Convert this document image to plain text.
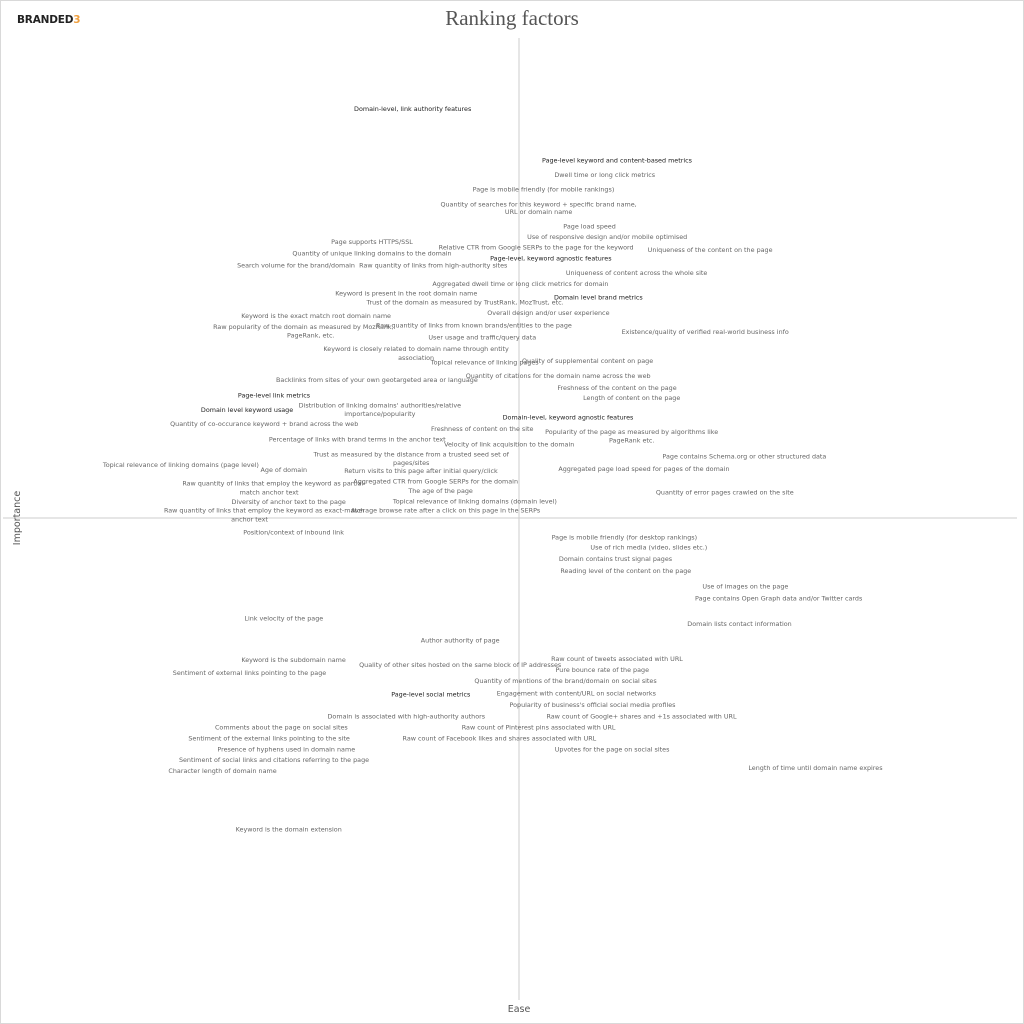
BRANDED3	Ranking factors
Ease
Importance
Domain-level, link authority features
Page-level keyword and content-based metrics
Dwell time or long click metrics
Page is mobile friendly (for mobile rankings)
Quantity of searches for this keyword + specific brand name,
URL or domain name
Page load speed
Use of responsive design and/or mobile optimised
Page supports HTTPS/SSL
Relative CTR from Google SERPs to the page for the keyword Uniqueness of the content on the page
Quantity of unique linking domains to the domain
Page-level, keyword agnostic features
Search volume for the brand/domain Raw quantity of links from high-authority sites
Uniqueness of content across the whole site
Aggregated dwell time or long click metrics for domain
Keyword is present in the root domain name	Domain level brand metrics
Trust of the domain as measured by TrustRank, MozTrust, etc.
Overall design and/or user experience
Keyword is the exact match root domain name
Raw popularity of the domain as measured by MozRank,
Raw quantity of links from known brands/entities to the page
Existence/quality of verified real-world business info
PageRank, etc.	User usage and traffic/query data
Keyword is closely related to domain name through entity
association
Topical relevance of linking pages
Quality of supplemental content on page
Quantity of citations for the domain name across the web
Backlinks from sites of your own geotargeted area or language
Freshness of the content on the page
Page-level link metrics	Length of content on the page
Distribution of linking domains' authorities/relative
Domain level keyword usage	importance/popularity	Domain-level, keyword agnostic features
Quantity of co-occurance keyword + brand across the web
Freshness of content on the site Popularity of the page as measured by algorithms like
Percentage of links with brand terms in the anchor text	PageRank etc.
Velocity of link acquisition to the domain
Trust as measured by the distance from a trusted seed set of	Page contains Schema.org or other structured data
pages/sites
Topical relevance of linking domains (page level)
Age of domain	Return visits to this page after initial query/click	Aggregated page load speed for pages of the domain
Aggregated CTR from Google SERPs for the domain
Raw quantity of links that employ the keyword as partial-
The age of the page
match anchor text	Quantity of error pages crawled on the site
Diversity of anchor text to the page	Topical relevance of linking domains (domain level)
Raw quantity of links that employ the keyword as exact-match
Average browse rate after a click on this page in the SERPs
anchor text
Position/context of inbound link
Page is mobile friendly (for desktop rankings)
Use of rich media (video, slides etc.)
Domain contains trust signal pages
Reading level of the content on the page
Use of images on the page
Page contains Open Graph data and/or Twitter cards
Link velocity of the page
Domain lists contact information
Author authority of page
Keyword is the subdomain name	Raw count of tweets associated with URL
Quality of other sites hosted on the same block of IP addresses
Pure bounce rate of the page
Sentiment of external links pointing to the page
Quantity of mentions of the brand/domain on social sites
Page-level social metrics	Engagement with content/URL on social networks
Popularity of business's official social media profiles
Domain is associated with high-authority authors	Raw count of Google+ shares and +1s associated with URL
Comments about the page on social sites	Raw count of Pinterest pins associated with URL
Sentiment of the external links pointing to the site	Raw count of Facebook likes and shares associated with URL
Presence of hyphens used in domain name	Upvotes for the page on social sites
Sentiment of social links and citations referring to the page
Character length of domain name	Length of time until domain name expires
Keyword is the domain extension
